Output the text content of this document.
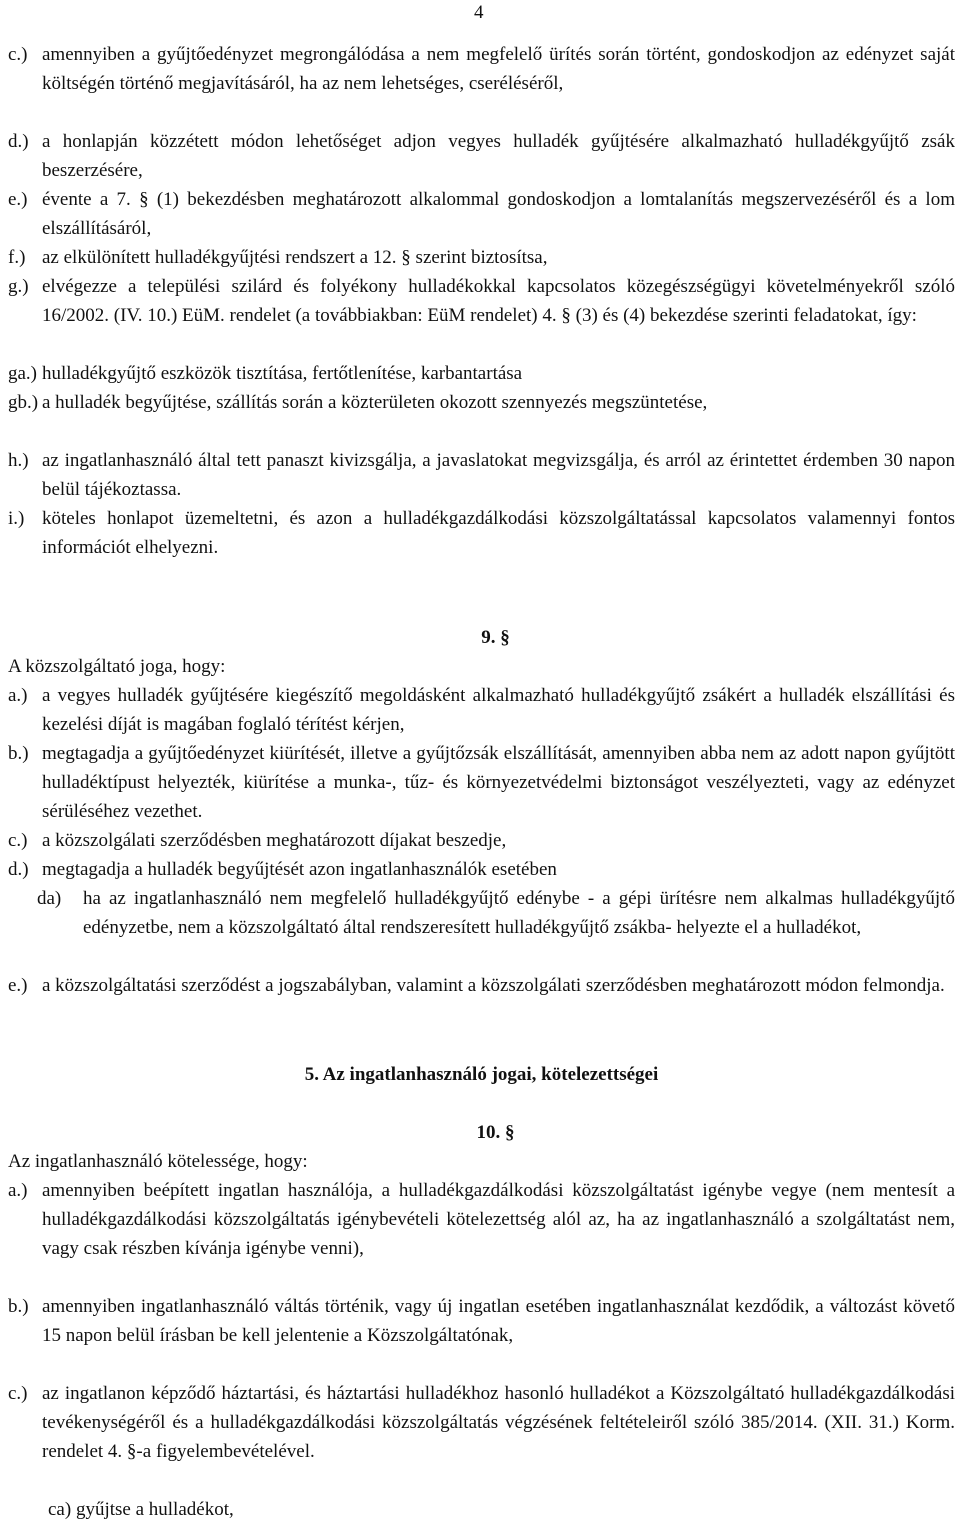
4
c.) amennyiben a gyűjtőedényzet megrongálódása a nem megfelelő ürítés során történt, gondoskodjon az edényzet saját költségén történő megjavításáról, ha az nem lehetséges, cseréléséről,
d.) a honlapján közzétett módon lehetőséget adjon vegyes hulladék gyűjtésére alkalmazható hulladékgyűjtő zsák beszerzésére,
e.) évente a 7. § (1) bekezdésben meghatározott alkalommal gondoskodjon a lomtalanítás megszervezéséről és a lom elszállításáról,
f.) az elkülönített hulladékgyűjtési rendszert a 12. § szerint biztosítsa,
g.) elvégezze a települési szilárd és folyékony hulladékokkal kapcsolatos közegészségügyi követelményekről szóló 16/2002. (IV. 10.) EüM. rendelet (a továbbiakban: EüM rendelet) 4. § (3) és (4) bekezdése szerinti feladatokat, így:
ga.) hulladékgyűjtő eszközök tisztítása, fertőtlenítése, karbantartása
gb.) a hulladék begyűjtése, szállítás során a közterületen okozott szennyezés megszüntetése,
h.) az ingatlanhasználó által tett panaszt kivizsgálja, a javaslatokat megvizsgálja, és arról az érintettet érdemben 30 napon belül tájékoztassa.
i.) köteles honlapot üzemeltetni, és azon a hulladékgazdálkodási közszolgáltatással kapcsolatos valamennyi fontos információt elhelyezni.
9. §
A közszolgáltató joga, hogy:
a.) a vegyes hulladék gyűjtésére kiegészítő megoldásként alkalmazható hulladékgyűjtő zsákért a hulladék elszállítási és kezelési díját is magában foglaló térítést kérjen,
b.) megtagadja a gyűjtőedényzet kiürítését, illetve a gyűjtőzsák elszállítását, amennyiben abba nem az adott napon gyűjtött hulladéktípust helyezték, kiürítése a munka-, tűz- és környezetvédelmi biztonságot veszélyezteti, vagy az edényzet sérüléséhez vezethet.
c.) a közszolgálati szerződésben meghatározott díjakat beszedje,
d.) megtagadja a hulladék begyűjtését azon ingatlanhasználók esetében
da) ha az ingatlanhasználó nem megfelelő hulladékgyűjtő edénybe - a gépi ürítésre nem alkalmas hulladékgyűjtő edényzetbe, nem a közszolgáltató által rendszeresített hulladékgyűjtő zsákba- helyezte el a hulladékot,
e.) a közszolgáltatási szerződést a jogszabályban, valamint a közszolgálati szerződésben meghatározott módon felmondja.
5. Az ingatlanhasználó jogai, kötelezettségei
10. §
Az ingatlanhasználó kötelessége, hogy:
a.) amennyiben beépített ingatlan használója, a hulladékgazdálkodási közszolgáltatást igénybe vegye (nem mentesít a hulladékgazdálkodási közszolgáltatás igénybevételi kötelezettség alól az, ha az ingatlanhasználó a szolgáltatást nem, vagy csak részben kívánja igénybe venni),
b.) amennyiben ingatlanhasználó váltás történik, vagy új ingatlan esetében ingatlanhasználat kezdődik, a változást követő 15 napon belül írásban be kell jelentenie a Közszolgáltatónak,
c.) az ingatlanon képződő háztartási, és háztartási hulladékhoz hasonló hulladékot a Közszolgáltató hulladékgazdálkodási tevékenységéről és a hulladékgazdálkodási közszolgáltatás végzésének feltételeiről szóló 385/2014. (XII. 31.) Korm. rendelet 4. §-a figyelembevételével.
ca) gyűjtse a hulladékot,
